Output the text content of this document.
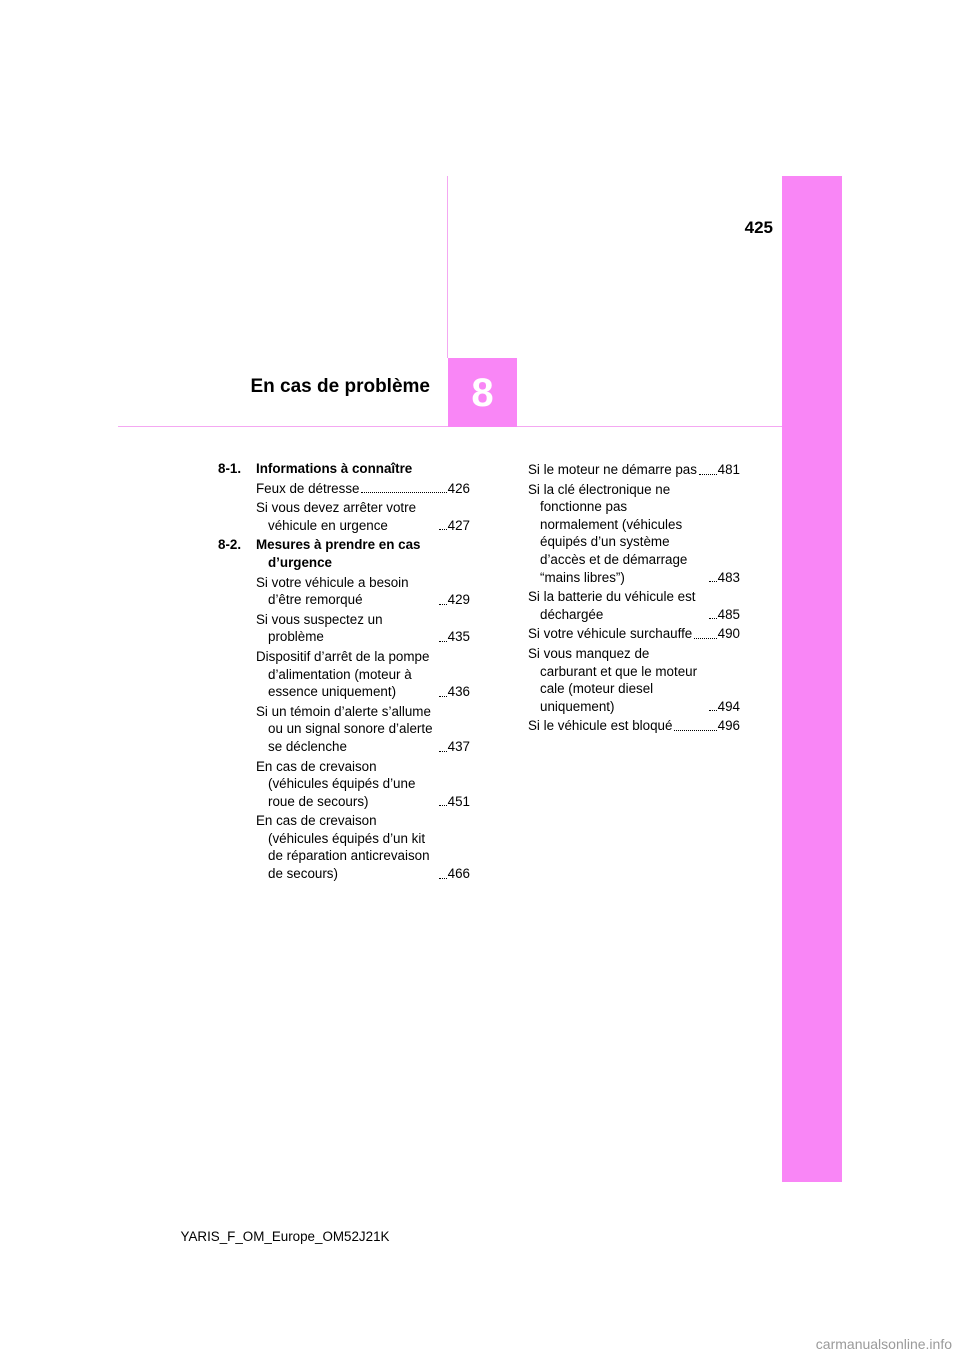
425
En cas de problème 8
8-1. Informations à connaître
Feux de détresse	426
Si vous devez arrêter votre véhicule en urgence	427
8-2. Mesures à prendre en cas d’urgence
Si votre véhicule a besoin d’être remorqué	429
Si vous suspectez un problème	435
Dispositif d’arrêt de la pompe d’alimentation (moteur à essence uniquement)	436
Si un témoin d’alerte s’allume ou un signal sonore d’alerte se déclenche	437
En cas de crevaison (véhicules équipés d’une roue de secours)	451
En cas de crevaison (véhicules équipés d’un kit de réparation anticrevaison de secours)	466
Si le moteur ne démarre pas 481
Si la clé électronique ne fonctionne pas normalement (véhicules équipés d’un système d’accès et de démarrage “mains libres”)	483
Si la batterie du véhicule est déchargée	485
Si votre véhicule surchauffe 490
Si vous manquez de carburant et que le moteur cale (moteur diesel uniquement)	494
Si le véhicule est bloqué	496
YARIS_F_OM_Europe_OM52J21K
carmanualsonline.info
